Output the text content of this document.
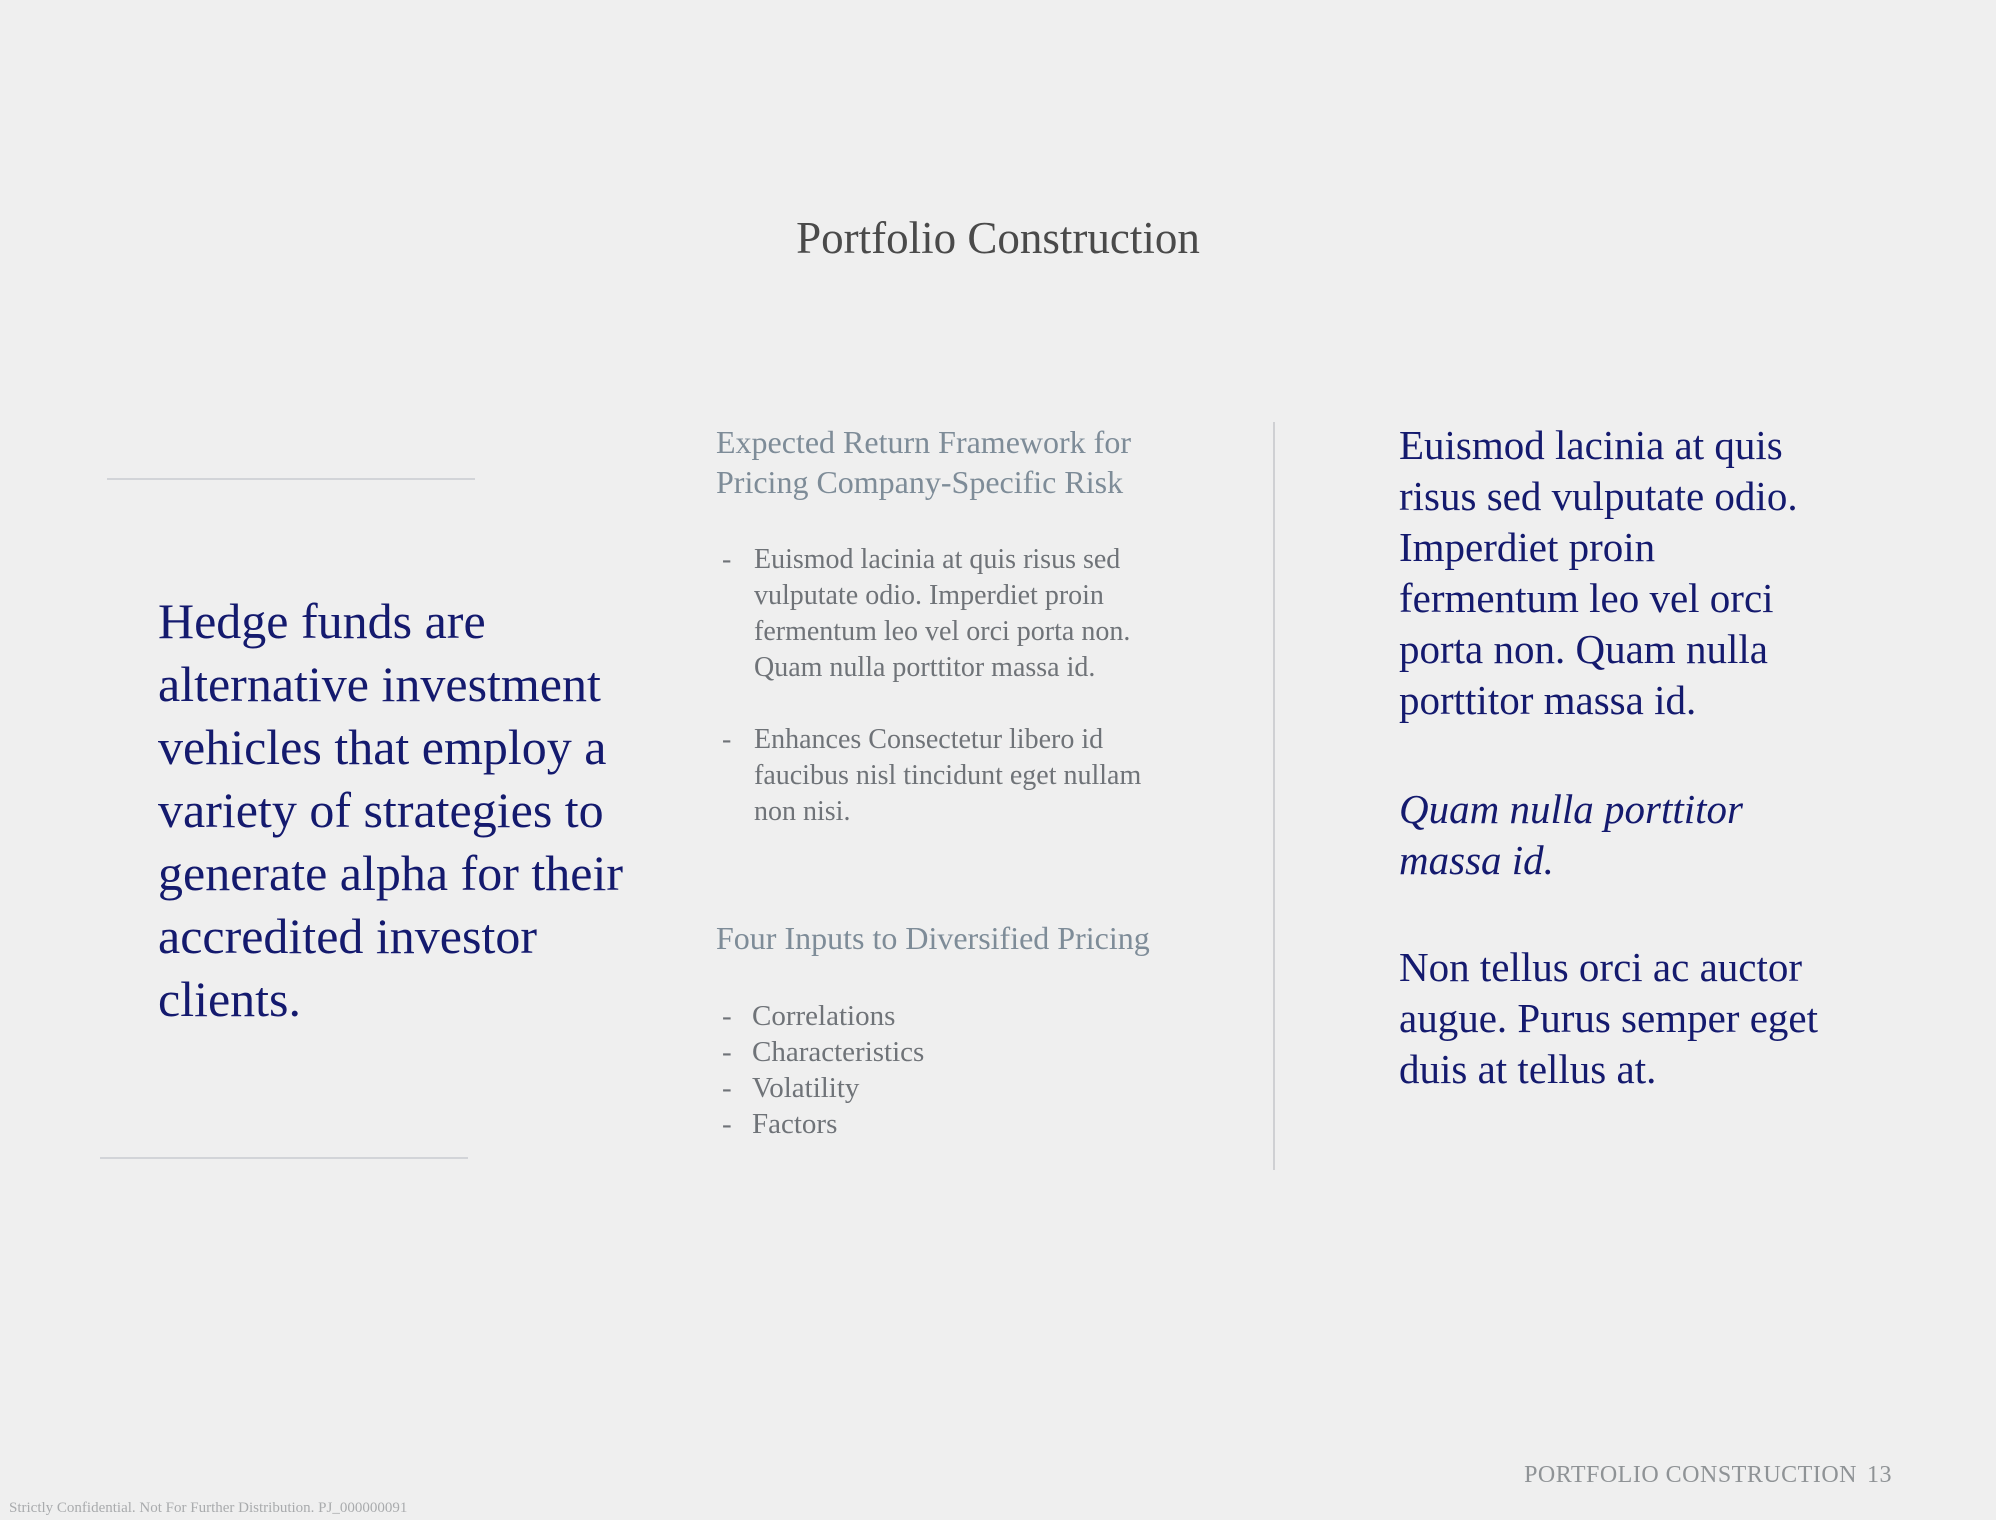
Portfolio Construction
Hedge funds are alternative investment vehicles that employ a variety of strategies to generate alpha for their accredited investor clients.
Expected Return Framework for Pricing Company-Specific Risk
- Euismod lacinia at quis risus sed vulputate odio. Imperdiet proin fermentum leo vel orci porta non. Quam nulla porttitor massa id.
- Enhances Consectetur libero id faucibus nisl tincidunt eget nullam non nisi.
Four Inputs to Diversified Pricing
- Correlations
- Characteristics
- Volatility
- Factors

Euismod lacinia at quis risus sed vulputate odio. Imperdiet proin fermentum leo vel orci porta non. Quam nulla porttitor massa id.

Quam nulla porttitor massa id.

Non tellus orci ac auctor augue. Purus semper eget duis at tellus at.

PORTFOLIO CONSTRUCTION 13
Strictly Confidential. Not For Further Distribution. PJ_000000091
